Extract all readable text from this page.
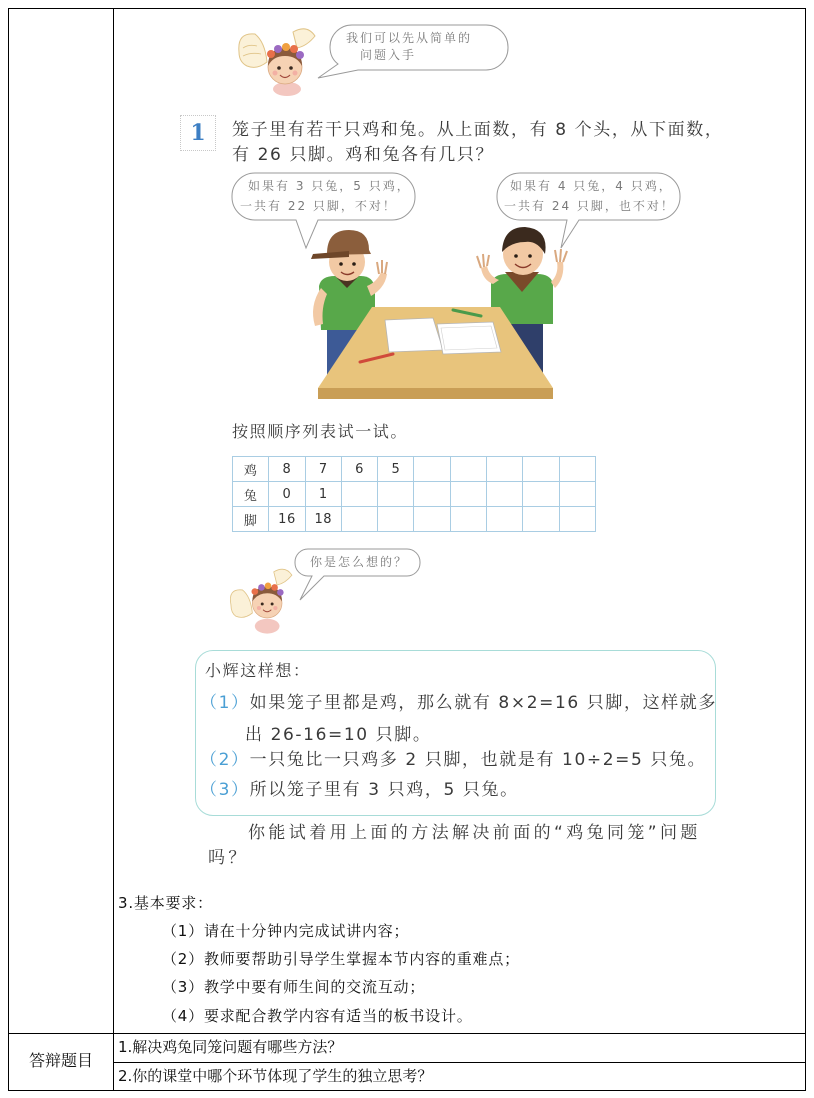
我们可以先从简单的
问题入手
1	笼子里有若干只鸡和兔。从上面数，有 8 个头，从下面数，
有 26 只脚。鸡和兔各有几只？
如果有 3 只兔，5 只鸡，
一共有 22 只脚，不对！
如果有 4 只兔，4 只鸡，
一共有 24 只脚，也不对！
按照顺序列表试一试。
鸡	8	7	6	5					
兔	0	1							
脚	16	18							
你是怎么想的？
小辉这样想：
（1）如果笼子里都是鸡，那么就有 8×2=16 只脚，这样就多
出 26-16=10 只脚。
（2）一只兔比一只鸡多 2 只脚，也就是有 10÷2=5 只兔。
（3）所以笼子里有 3 只鸡，5 只兔。
你能试着用上面的方法解决前面的“鸡兔同笼”问题
吗？
3.基本要求：
（1）请在十分钟内完成试讲内容；
（2）教师要帮助引导学生掌握本节内容的重难点；
（3）教学中要有师生间的交流互动；
（4）要求配合教学内容有适当的板书设计。
答辩题目
1.解决鸡兔同笼问题有哪些方法？
2.你的课堂中哪个环节体现了学生的独立思考？
